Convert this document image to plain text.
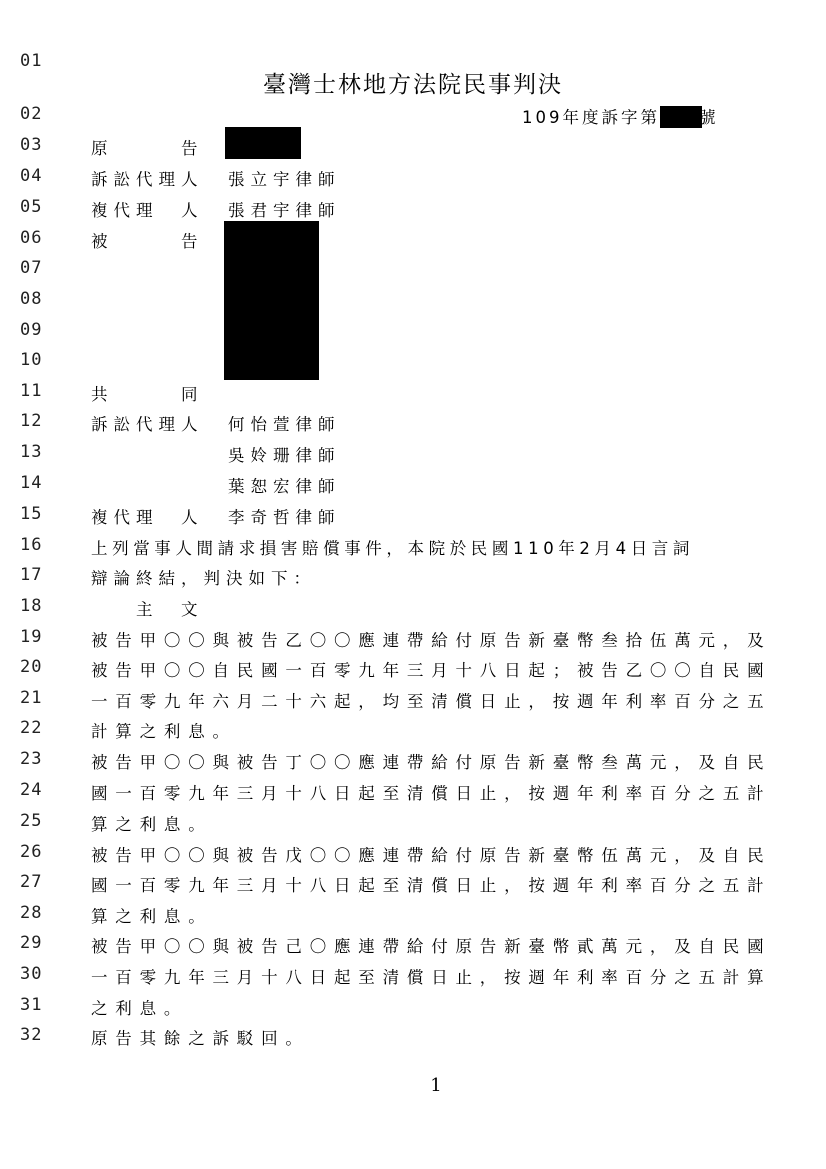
01
02
03
04
05
06
07
08
09
10
11
12
13
14
15
16
17
18
19
20
21
22
23
24
25
26
27
28
29
30
31
32
臺灣士林地方法院民事判決
109年度訴字第 號
原　　　告
訴訟代理人 張立宇律師
複代理　人 張君宇律師
被　　　告
共　　　同
訴訟代理人 何怡萱律師
吳姈珊律師
葉恕宏律師
複代理　人 李奇哲律師
上列當事人間請求損害賠償事件，本院於民國110年2月4日言詞
辯論終結，判決如下：
　　主　文
被告甲〇〇與被告乙〇〇應連帶給付原告新臺幣叁拾伍萬元，及
被告甲〇〇自民國一百零九年三月十八日起；被告乙〇〇自民國
一百零九年六月二十六起，均至清償日止，按週年利率百分之五
計算之利息。
被告甲〇〇與被告丁〇〇應連帶給付原告新臺幣叁萬元，及自民
國一百零九年三月十八日起至清償日止，按週年利率百分之五計
算之利息。
被告甲〇〇與被告戊〇〇應連帶給付原告新臺幣伍萬元，及自民
國一百零九年三月十八日起至清償日止，按週年利率百分之五計
算之利息。
被告甲〇〇與被告己〇應連帶給付原告新臺幣貳萬元，及自民國
一百零九年三月十八日起至清償日止，按週年利率百分之五計算
之利息。
原告其餘之訴駁回。
1
